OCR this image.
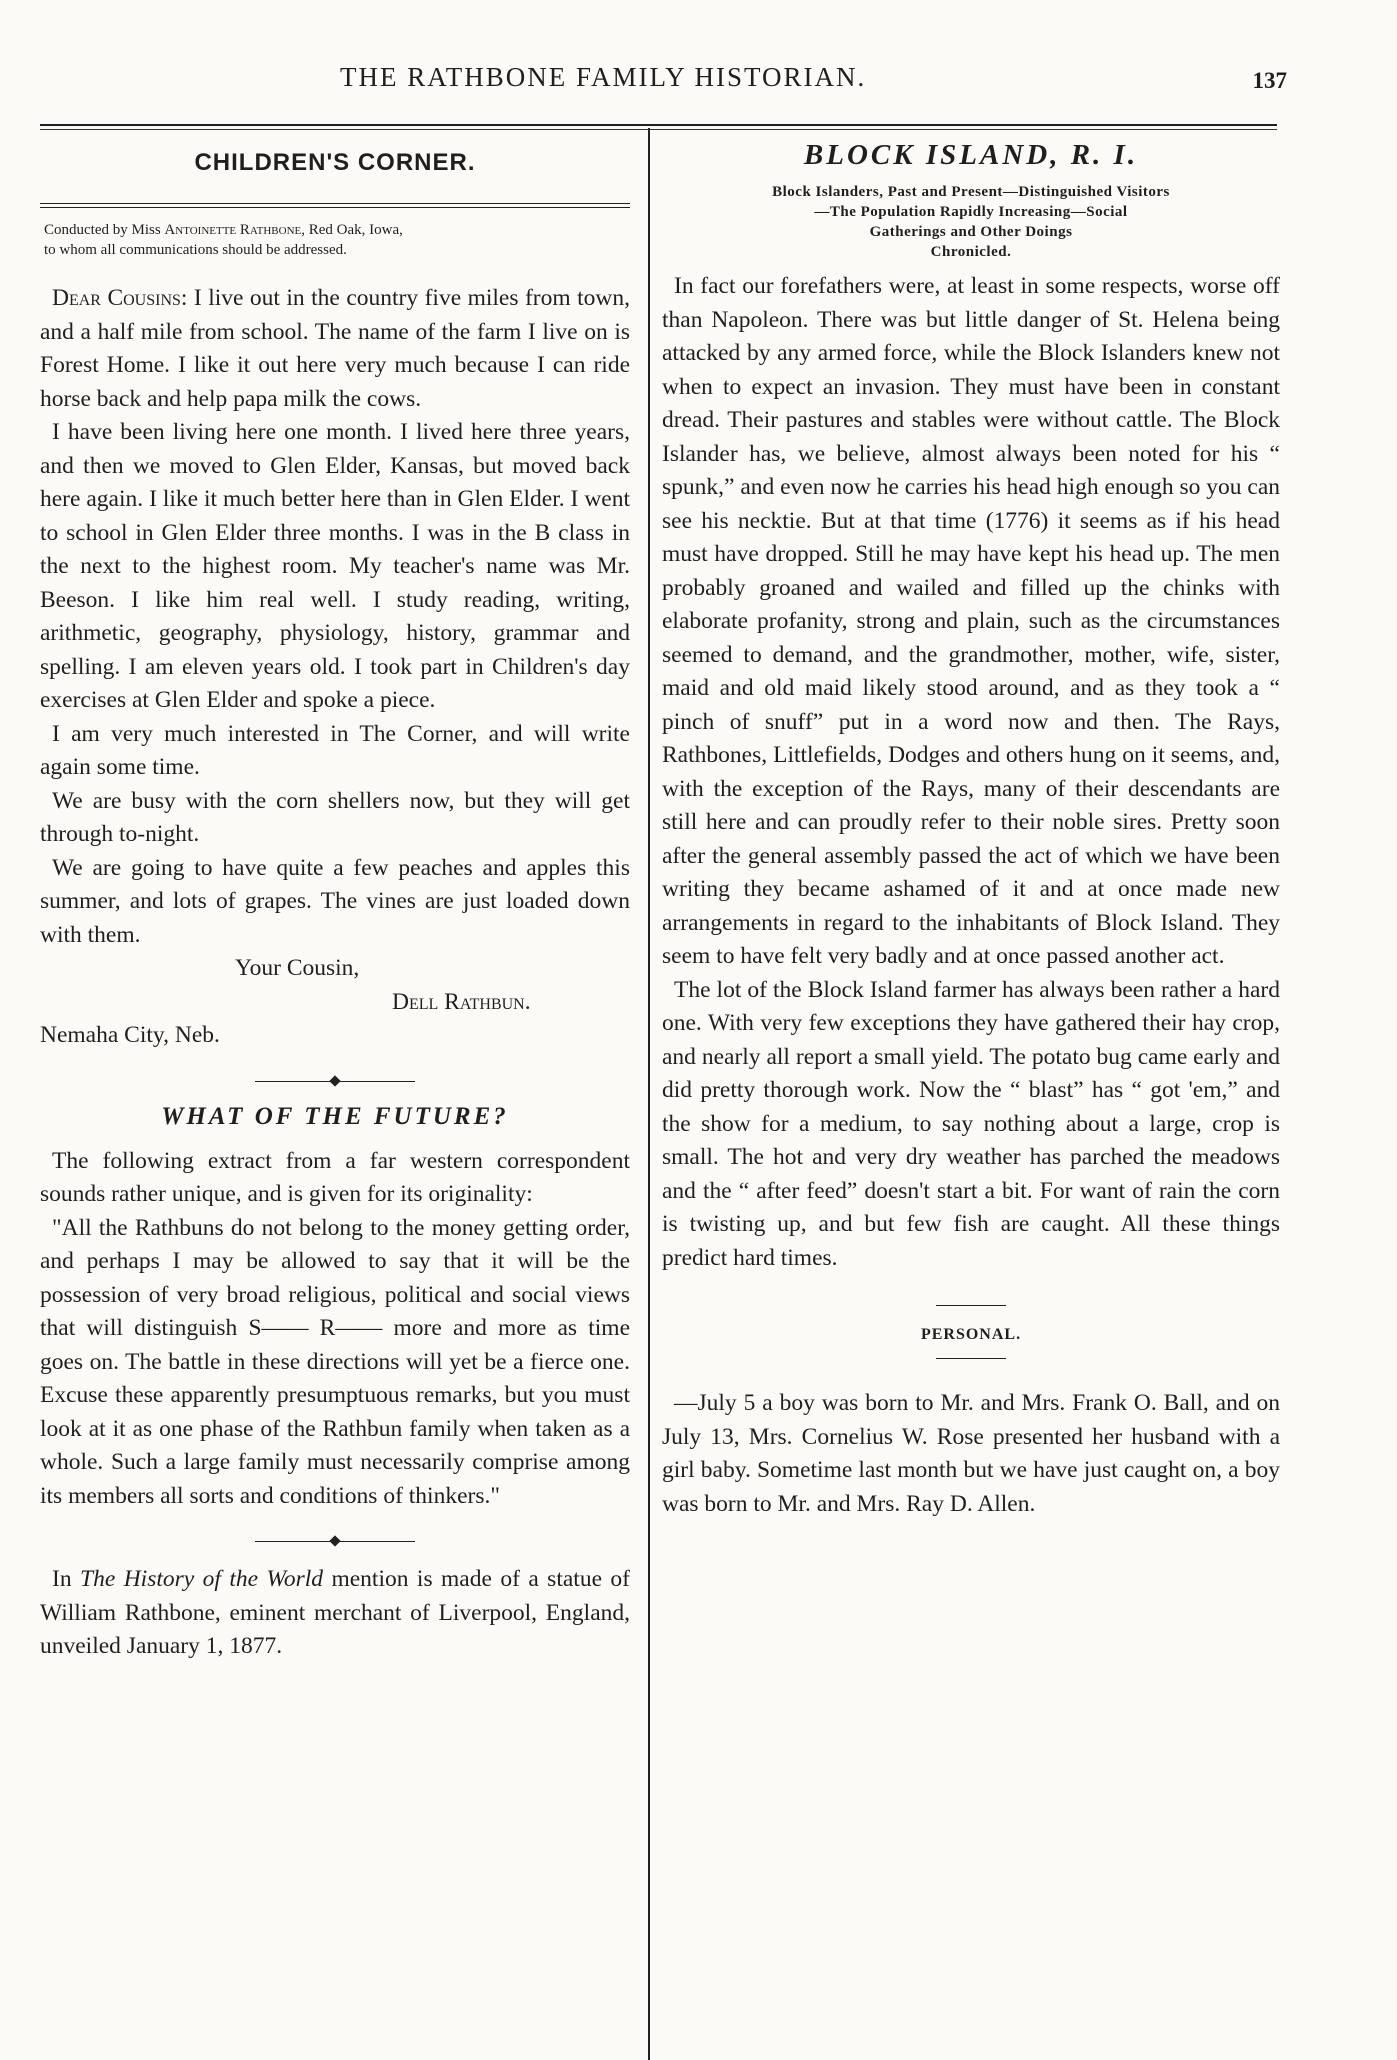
THE RATHBONE FAMILY HISTORIAN.	137
CHILDREN'S CORNER.

Conducted by Miss Antoinette Rathbone, Red Oak, Iowa,
to whom all communications should be addressed.

Dear Cousins: I live out in the country five miles from town, and a half mile from school. The name of the farm I live on is Forest Home. I like it out here very much because I can ride horse back and help papa milk the cows.

I have been living here one month. I lived here three years, and then we moved to Glen Elder, Kansas, but moved back here again. I like it much better here than in Glen Elder. I went to school in Glen Elder three months. I was in the B class in the next to the highest room. My teacher's name was Mr. Beeson. I like him real well. I study reading, writing, arithmetic, geography, physiology, history, grammar and spelling. I am eleven years old. I took part in Children's day exercises at Glen Elder and spoke a piece.

I am very much interested in The Corner, and will write again some time.

We are busy with the corn shellers now, but they will get through to-night.

We are going to have quite a few peaches and apples this summer, and lots of grapes. The vines are just loaded down with them.

Your Cousin,

Dell Rathbun.

Nemaha City, Neb.

WHAT OF THE FUTURE?

The following extract from a far western correspondent sounds rather unique, and is given for its originality:

"All the Rathbuns do not belong to the money getting order, and perhaps I may be allowed to say that it will be the possession of very broad religious, political and social views that will distinguish S—— R—— more and more as time goes on. The battle in these directions will yet be a fierce one. Excuse these apparently presumptuous remarks, but you must look at it as one phase of the Rathbun family when taken as a whole. Such a large family must necessarily comprise among its members all sorts and conditions of thinkers."

In The History of the World mention is made of a statue of William Rathbone, eminent merchant of Liverpool, England, unveiled January 1, 1877.

BLOCK ISLAND, R. I.

Block Islanders, Past and Present—Distinguished Visitors
—The Population Rapidly Increasing—Social
Gatherings and Other Doings
Chronicled.

In fact our forefathers were, at least in some respects, worse off than Napoleon. There was but little danger of St. Helena being attacked by any armed force, while the Block Islanders knew not when to expect an invasion. They must have been in constant dread. Their pastures and stables were without cattle. The Block Islander has, we believe, almost always been noted for his “ spunk,” and even now he carries his head high enough so you can see his necktie. But at that time (1776) it seems as if his head must have dropped. Still he may have kept his head up. The men probably groaned and wailed and filled up the chinks with elaborate profanity, strong and plain, such as the circumstances seemed to demand, and the grandmother, mother, wife, sister, maid and old maid likely stood around, and as they took a “ pinch of snuff” put in a word now and then. The Rays, Rathbones, Littlefields, Dodges and others hung on it seems, and, with the exception of the Rays, many of their descendants are still here and can proudly refer to their noble sires. Pretty soon after the general assembly passed the act of which we have been writing they became ashamed of it and at once made new arrangements in regard to the inhabitants of Block Island. They seem to have felt very badly and at once passed another act.

The lot of the Block Island farmer has always been rather a hard one. With very few exceptions they have gathered their hay crop, and nearly all report a small yield. The potato bug came early and did pretty thorough work. Now the “ blast” has “ got 'em,” and the show for a medium, to say nothing about a large, crop is small. The hot and very dry weather has parched the meadows and the “ after feed” doesn't start a bit. For want of rain the corn is twisting up, and but few fish are caught. All these things predict hard times.

PERSONAL.

—July 5 a boy was born to Mr. and Mrs. Frank O. Ball, and on July 13, Mrs. Cornelius W. Rose presented her husband with a girl baby. Sometime last month but we have just caught on, a boy was born to Mr. and Mrs. Ray D. Allen.
